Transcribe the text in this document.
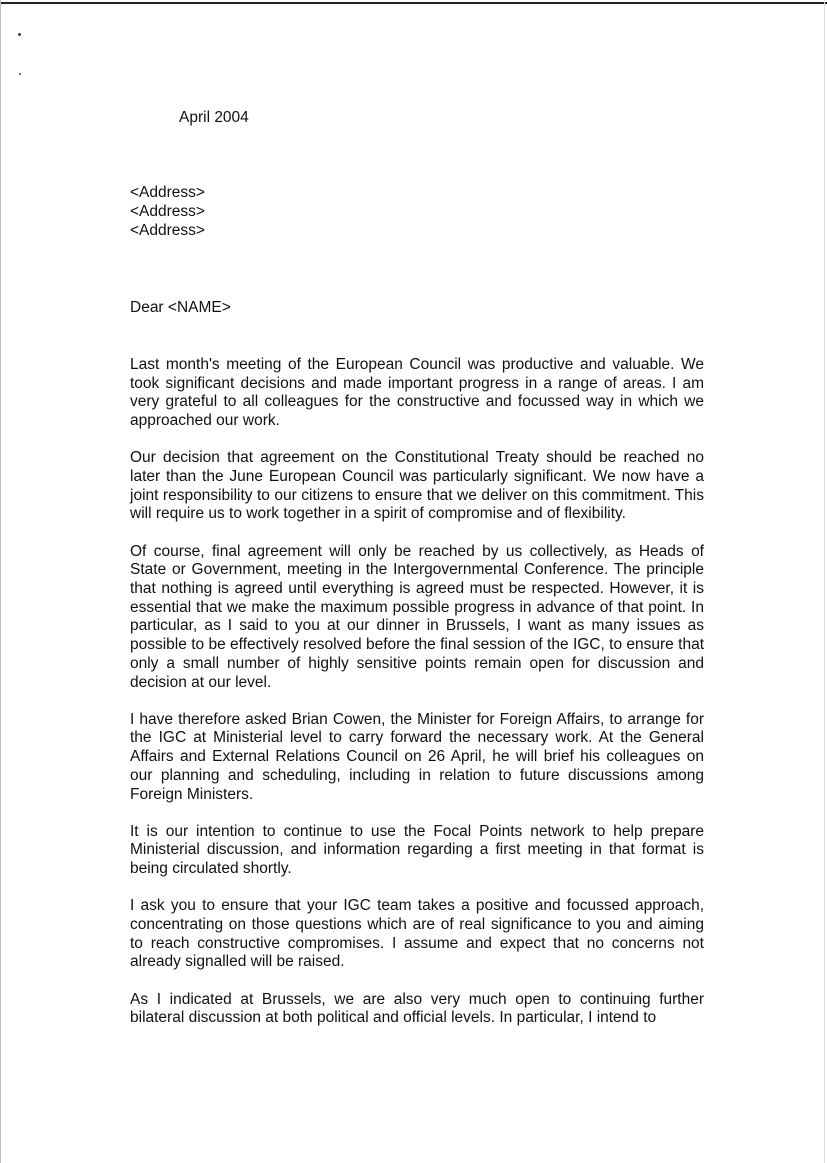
April 2004
<Address>
<Address>
<Address>
Dear <NAME>

Last month's meeting of the European Council was productive and valuable. We took significant decisions and made important progress in a range of areas. I am very grateful to all colleagues for the constructive and focussed way in which we approached our work.

Our decision that agreement on the Constitutional Treaty should be reached no later than the June European Council was particularly significant. We now have a joint responsibility to our citizens to ensure that we deliver on this commitment. This will require us to work together in a spirit of compromise and of flexibility.

Of course, final agreement will only be reached by us collectively, as Heads of State or Government, meeting in the Intergovernmental Conference. The principle that nothing is agreed until everything is agreed must be respected. However, it is essential that we make the maximum possible progress in advance of that point. In particular, as I said to you at our dinner in Brussels, I want as many issues as possible to be effectively resolved before the final session of the IGC, to ensure that only a small number of highly sensitive points remain open for discussion and decision at our level.

I have therefore asked Brian Cowen, the Minister for Foreign Affairs, to arrange for the IGC at Ministerial level to carry forward the necessary work. At the General Affairs and External Relations Council on 26 April, he will brief his colleagues on our planning and scheduling, including in relation to future discussions among Foreign Ministers.

It is our intention to continue to use the Focal Points network to help prepare Ministerial discussion, and information regarding a first meeting in that format is being circulated shortly.

I ask you to ensure that your IGC team takes a positive and focussed approach, concentrating on those questions which are of real significance to you and aiming to reach constructive compromises. I assume and expect that no concerns not already signalled will be raised.

As I indicated at Brussels, we are also very much open to continuing further bilateral discussion at both political and official levels. In particular, I intend to
